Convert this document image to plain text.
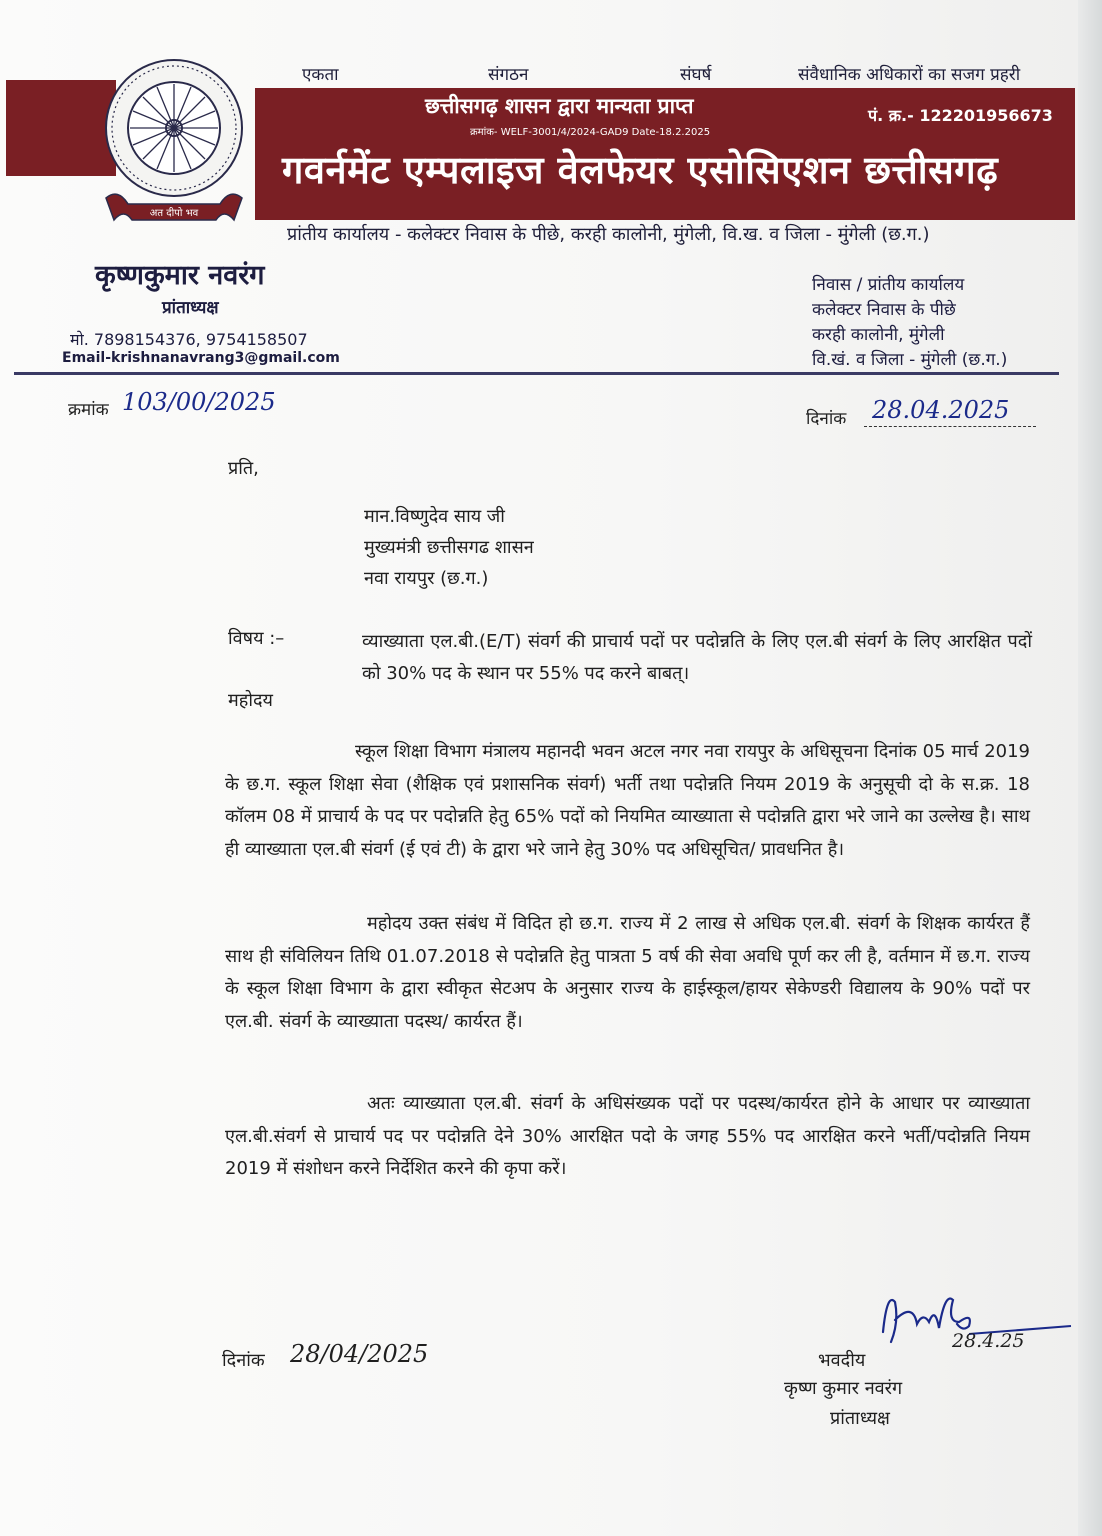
एकता	संगठन	संघर्ष	संवैधानिक अधिकारों का सजग प्रहरी
छत्तीसगढ़ शासन द्वारा मान्यता प्राप्त
क्रमांक- WELF-3001/4/2024-GAD9 Date-18.2.2025
पं. क्र.- 122201956673
गवर्नमेंट एम्पलाइज वेलफेयर एसोसिएशन छत्तीसगढ़
अत दीपो भव
प्रांतीय कार्यालय - कलेक्टर निवास के पीछे, करही कालोनी, मुंगेली, वि.ख. व जिला - मुंगेली (छ.ग.)
कृष्णकुमार नवरंग
प्रांताध्यक्ष
मो. 7898154376, 9754158507
Email-krishnanavrang3@gmail.com
निवास / प्रांतीय कार्यालय
कलेक्टर निवास के पीछे
करही कालोनी, मुंगेली
वि.खं. व जिला - मुंगेली (छ.ग.)
क्रमांक 103/00/2025
दिनांक 28.04.2025
प्रति,
मान.विष्णुदेव साय जी
मुख्यमंत्री छत्तीसगढ शासन
नवा रायपुर (छ.ग.)
विषय :–	व्याख्याता एल.बी.(E/T) संवर्ग की प्राचार्य पदों पर पदोन्नति के लिए एल.बी संवर्ग के लिए आरक्षित पदों को 30% पद के स्थान पर 55% पद करने बाबत्।
महोदय
स्कूल शिक्षा विभाग मंत्रालय महानदी भवन अटल नगर नवा रायपुर के अधिसूचना दिनांक 05 मार्च 2019 के छ.ग. स्कूल शिक्षा सेवा (शैक्षिक एवं प्रशासनिक संवर्ग) भर्ती तथा पदोन्नति नियम 2019 के अनुसूची दो के स.क्र. 18 कॉलम 08 में प्राचार्य के पद पर पदोन्नति हेतु 65% पदों को नियमित व्याख्याता से पदोन्नति द्वारा भरे जाने का उल्लेख है। साथ ही व्याख्याता एल.बी संवर्ग (ई एवं टी) के द्वारा भरे जाने हेतु 30% पद अधिसूचित/ प्रावधनित है।
महोदय उक्त संबंध में विदित हो छ.ग. राज्य में 2 लाख से अधिक एल.बी. संवर्ग के शिक्षक कार्यरत हैं साथ ही संविलियन तिथि 01.07.2018 से पदोन्नति हेतु पात्रता 5 वर्ष की सेवा अवधि पूर्ण कर ली है, वर्तमान में छ.ग. राज्य के स्कूल शिक्षा विभाग के द्वारा स्वीकृत सेटअप के अनुसार राज्य के हाईस्कूल/हायर सेकेण्डरी विद्यालय के 90% पदों पर एल.बी. संवर्ग के व्याख्याता पदस्थ/ कार्यरत हैं।
अतः व्याख्याता एल.बी. संवर्ग के अधिसंख्यक पदों पर पदस्थ/कार्यरत होने के आधार पर व्याख्याता एल.बी.संवर्ग से प्राचार्य पद पर पदोन्नति देने 30% आरक्षित पदो के जगह 55% पद आरक्षित करने भर्ती/पदोन्नति नियम 2019 में संशोधन करने निर्देशित करने की कृपा करें।
दिनांक 28/04/2025	भवदीय
28.4.25
कृष्ण कुमार नवरंग
प्रांताध्यक्ष
